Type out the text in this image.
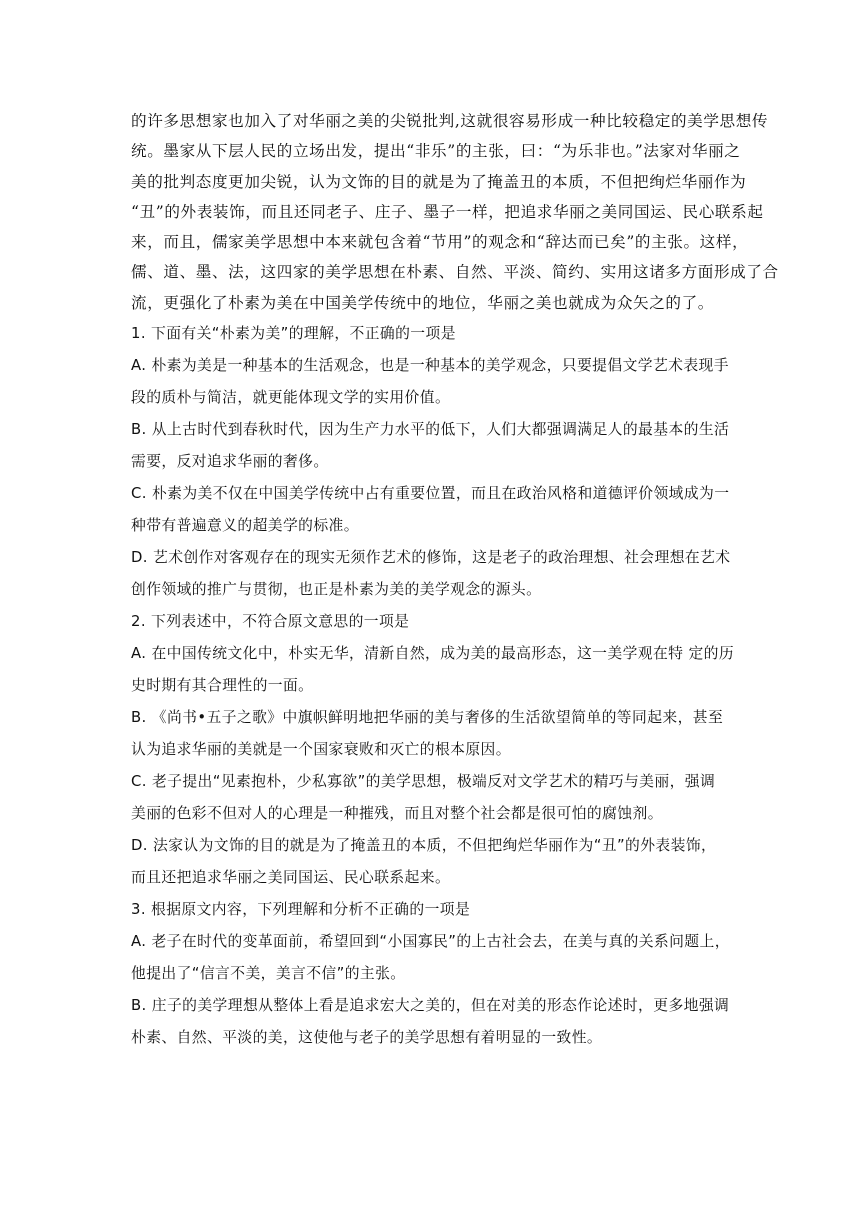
的许多思想家也加入了对华丽之美的尖锐批判,这就很容易形成一种比较稳定的美学思想传
统。墨家从下层人民的立场出发，提出“非乐”的主张，曰：“为乐非也。”法家对华丽之
美的批判态度更加尖锐，认为文饰的目的就是为了掩盖丑的本质，不但把绚烂华丽作为
“丑”的外表装饰，而且还同老子、庄子、墨子一样，把追求华丽之美同国运、民心联系起
来，而且，儒家美学思想中本来就包含着“节用”的观念和“辞达而已矣”的主张。这样，
儒、道、墨、法，这四家的美学思想在朴素、自然、平淡、简约、实用这诸多方面形成了合
流，更强化了朴素为美在中国美学传统中的地位，华丽之美也就成为众矢之的了。
1. 下面有关“朴素为美”的理解，不正确的一项是
A. 朴素为美是一种基本的生活观念，也是一种基本的美学观念，只要提倡文学艺术表现手
段的质朴与简洁，就更能体现文学的实用价值。
B. 从上古时代到春秋时代，因为生产力水平的低下，人们大都强调满足人的最基本的生活
需要，反对追求华丽的奢侈。
C. 朴素为美不仅在中国美学传统中占有重要位置，而且在政治风格和道德评价领域成为一
种带有普遍意义的超美学的标准。
D. 艺术创作对客观存在的现实无须作艺术的修饰，这是老子的政治理想、社会理想在艺术
创作领域的推广与贯彻，也正是朴素为美的美学观念的源头。
2. 下列表述中，不符合原文意思的一项是
A. 在中国传统文化中，朴实无华，清新自然，成为美的最高形态，这一美学观在特 定的历
史时期有其合理性的一面。
B. 《尚书•五子之歌》中旗帜鲜明地把华丽的美与奢侈的生活欲望简单的等同起来，甚至
认为追求华丽的美就是一个国家衰败和灭亡的根本原因。
C. 老子提出“见素抱朴，少私寡欲”的美学思想，极端反对文学艺术的精巧与美丽，强调
美丽的色彩不但对人的心理是一种摧残，而且对整个社会都是很可怕的腐蚀剂。
D. 法家认为文饰的目的就是为了掩盖丑的本质，不但把绚烂华丽作为“丑”的外表装饰，
而且还把追求华丽之美同国运、民心联系起来。
3. 根据原文内容，下列理解和分析不正确的一项是
A. 老子在时代的变革面前，希望回到“小国寡民”的上古社会去，在美与真的关系问题上，
他提出了“信言不美，美言不信”的主张。
B. 庄子的美学理想从整体上看是追求宏大之美的，但在对美的形态作论述时，更多地强调
朴素、自然、平淡的美，这使他与老子的美学思想有着明显的一致性。
